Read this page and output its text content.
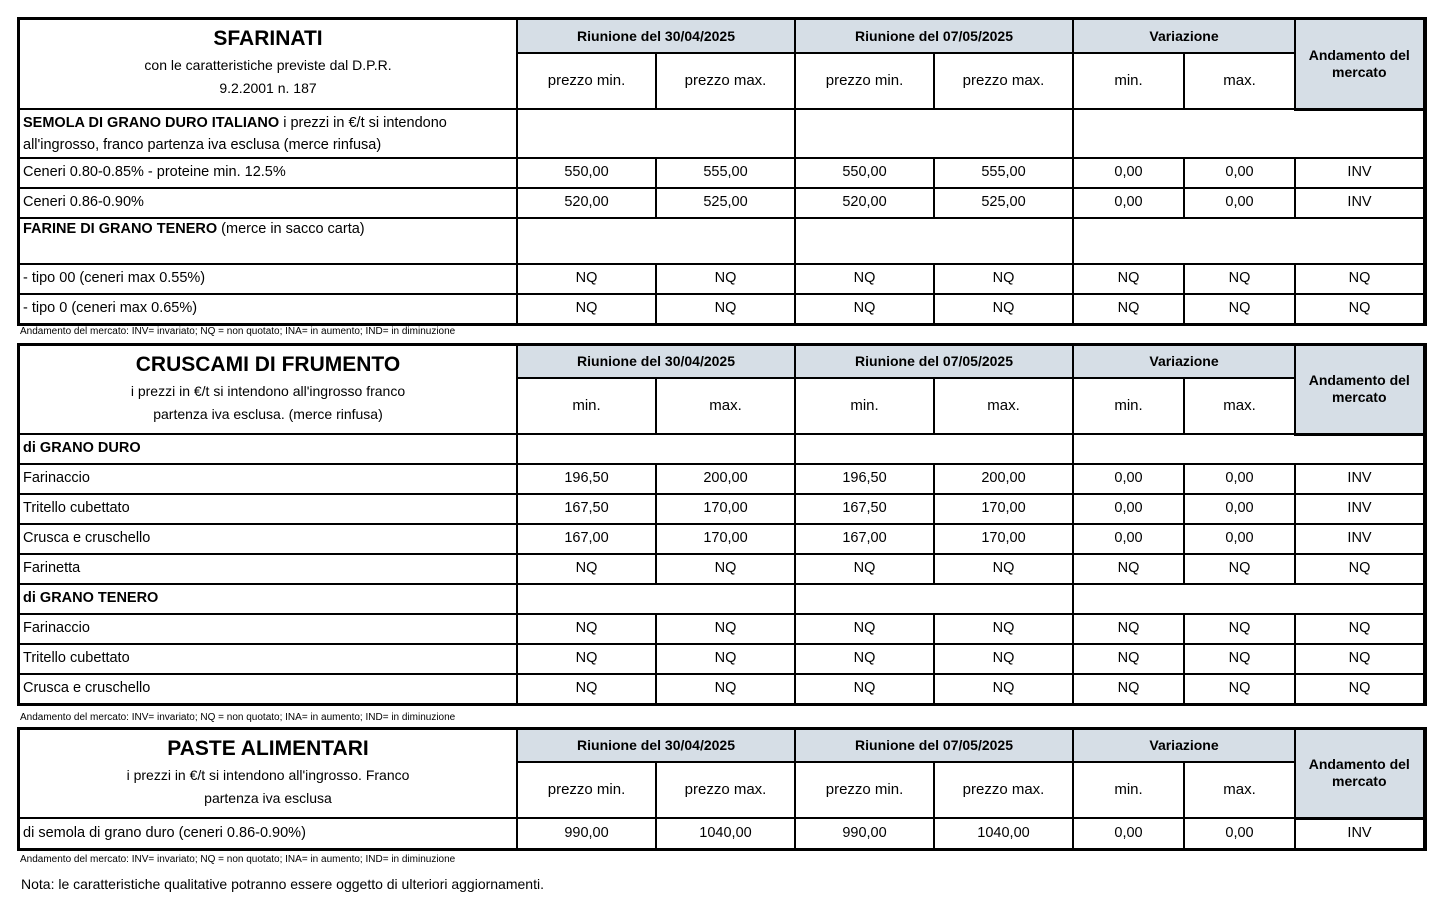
SFARINATI
con le caratteristiche previste dal D.P.R.
9.2.2001 n. 187	Riunione del 30/04/2025		Riunione del 07/05/2025		Variazione		Andamento del mercato
	prezzo min.	prezzo max.	prezzo min.	prezzo max.	min.	max.	
SEMOLA DI GRANO DURO ITALIANO i prezzi in €/t si intendono
all'ingrosso, franco partenza iva esclusa (merce rinfusa)							
Ceneri 0.80-0.85% - proteine min. 12.5%	550,00	555,00	550,00	555,00	0,00	0,00	INV
Ceneri 0.86-0.90%	520,00	525,00	520,00	525,00	0,00	0,00	INV
FARINE DI GRANO TENERO (merce in sacco carta)							
- tipo 00 (ceneri max 0.55%)	NQ	NQ	NQ	NQ	NQ	NQ	NQ
- tipo 0 (ceneri max 0.65%)	NQ	NQ	NQ	NQ	NQ	NQ	NQ
Andamento del mercato: INV= invariato; NQ = non quotato; INA= in aumento; IND= in diminuzione
CRUSCAMI DI FRUMENTO
i prezzi in €/t si intendono all'ingrosso franco
partenza iva esclusa. (merce rinfusa)	Riunione del 30/04/2025		Riunione del 07/05/2025		Variazione		Andamento del mercato
	min.	max.	min.	max.	min.	max.	
di GRANO DURO							
Farinaccio	196,50	200,00	196,50	200,00	0,00	0,00	INV
Tritello cubettato	167,50	170,00	167,50	170,00	0,00	0,00	INV
Crusca e cruschello	167,00	170,00	167,00	170,00	0,00	0,00	INV
Farinetta	NQ	NQ	NQ	NQ	NQ	NQ	NQ
di GRANO TENERO							
Farinaccio	NQ	NQ	NQ	NQ	NQ	NQ	NQ
Tritello cubettato	NQ	NQ	NQ	NQ	NQ	NQ	NQ
Crusca e cruschello	NQ	NQ	NQ	NQ	NQ	NQ	NQ
Andamento del mercato: INV= invariato; NQ = non quotato; INA= in aumento; IND= in diminuzione
PASTE ALIMENTARI
i prezzi in €/t si intendono all'ingrosso. Franco
partenza iva esclusa	Riunione del 30/04/2025		Riunione del 07/05/2025		Variazione		Andamento del mercato
	prezzo min.	prezzo max.	prezzo min.	prezzo max.	min.	max.	
di semola di grano duro (ceneri 0.86-0.90%)	990,00	1040,00	990,00	1040,00	0,00	0,00	INV
Andamento del mercato: INV= invariato; NQ = non quotato; INA= in aumento; IND= in diminuzione
Nota: le caratteristiche qualitative potranno essere oggetto di ulteriori aggiornamenti.
